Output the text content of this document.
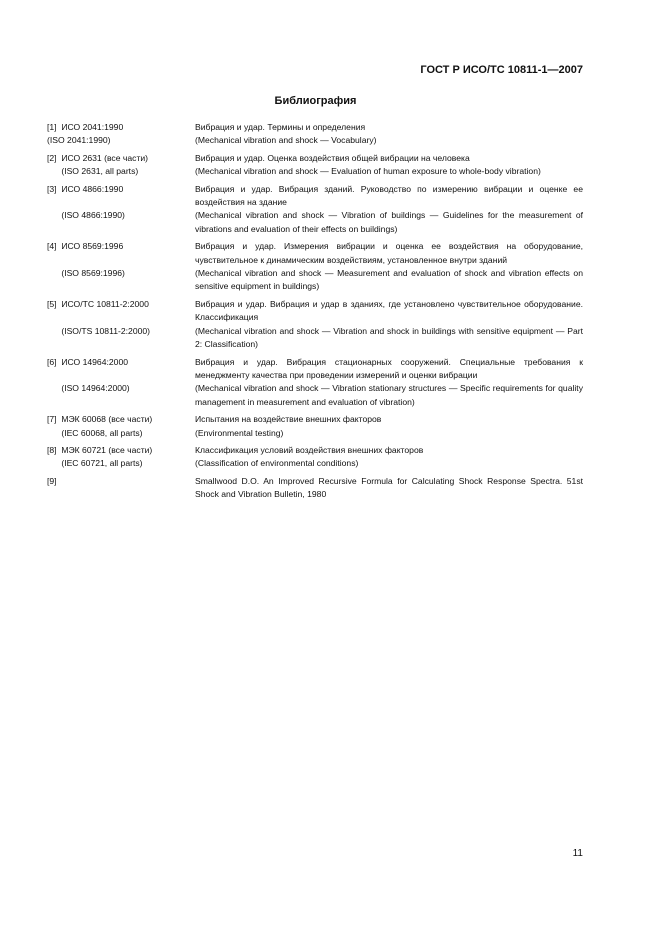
ГОСТ Р ИСО/ТС 10811-1—2007
Библиография
[1]  ИСО 2041:1990
(ISO 2041:1990)
Вибрация и удар. Термины и определения
(Mechanical vibration and shock — Vocabulary)
[2]  ИСО 2631 (все части)
(ISO 2631, all parts)
Вибрация и удар. Оценка воздействия общей вибрации на человека
(Mechanical vibration and shock — Evaluation of human exposure to whole-body vibration)
[3]  ИСО 4866:1990

(ISO 4866:1990)
Вибрация и удар. Вибрация зданий. Руководство по измерению вибрации и оценке ее воздействия на здание
(Mechanical vibration and shock — Vibration of buildings — Guidelines for the measurement of vibrations and evaluation of their effects on buildings)
[4]  ИСО 8569:1996

(ISO 8569:1996)
Вибрация и удар. Измерения вибрации и оценка ее воздействия на оборудование, чувствительное к динамическим воздействиям, установленное внутри зданий
(Mechanical vibration and shock — Measurement and evaluation of shock and vibration effects on sensitive equipment in buildings)
[5]  ИСО/ТС 10811-2:2000

(ISO/TS 10811-2:2000)
Вибрация и удар. Вибрация и удар в зданиях, где установлено чувствительное оборудование. Классификация
(Mechanical vibration and shock — Vibration and shock in buildings with sensitive equipment — Part 2: Classification)
[6]  ИСО 14964:2000

(ISO 14964:2000)
Вибрация и удар. Вибрация стационарных сооружений. Специальные требования к менеджменту качества при проведении измерений и оценки вибрации
(Mechanical vibration and shock — Vibration stationary structures — Specific requirements for quality management in measurement and evaluation of vibration)
[7]  МЭК 60068 (все части)
(IEC 60068, all parts)
Испытания на воздействие внешних факторов
(Environmental testing)
[8]  МЭК 60721 (все части)
(IEC 60721, all parts)
Классификация условий воздействия внешних факторов
(Classification of environmental conditions)
[9]	Smallwood D.O. An Improved Recursive Formula for Calculating Shock Response Spectra. 51st Shock and Vibration Bulletin, 1980
11
